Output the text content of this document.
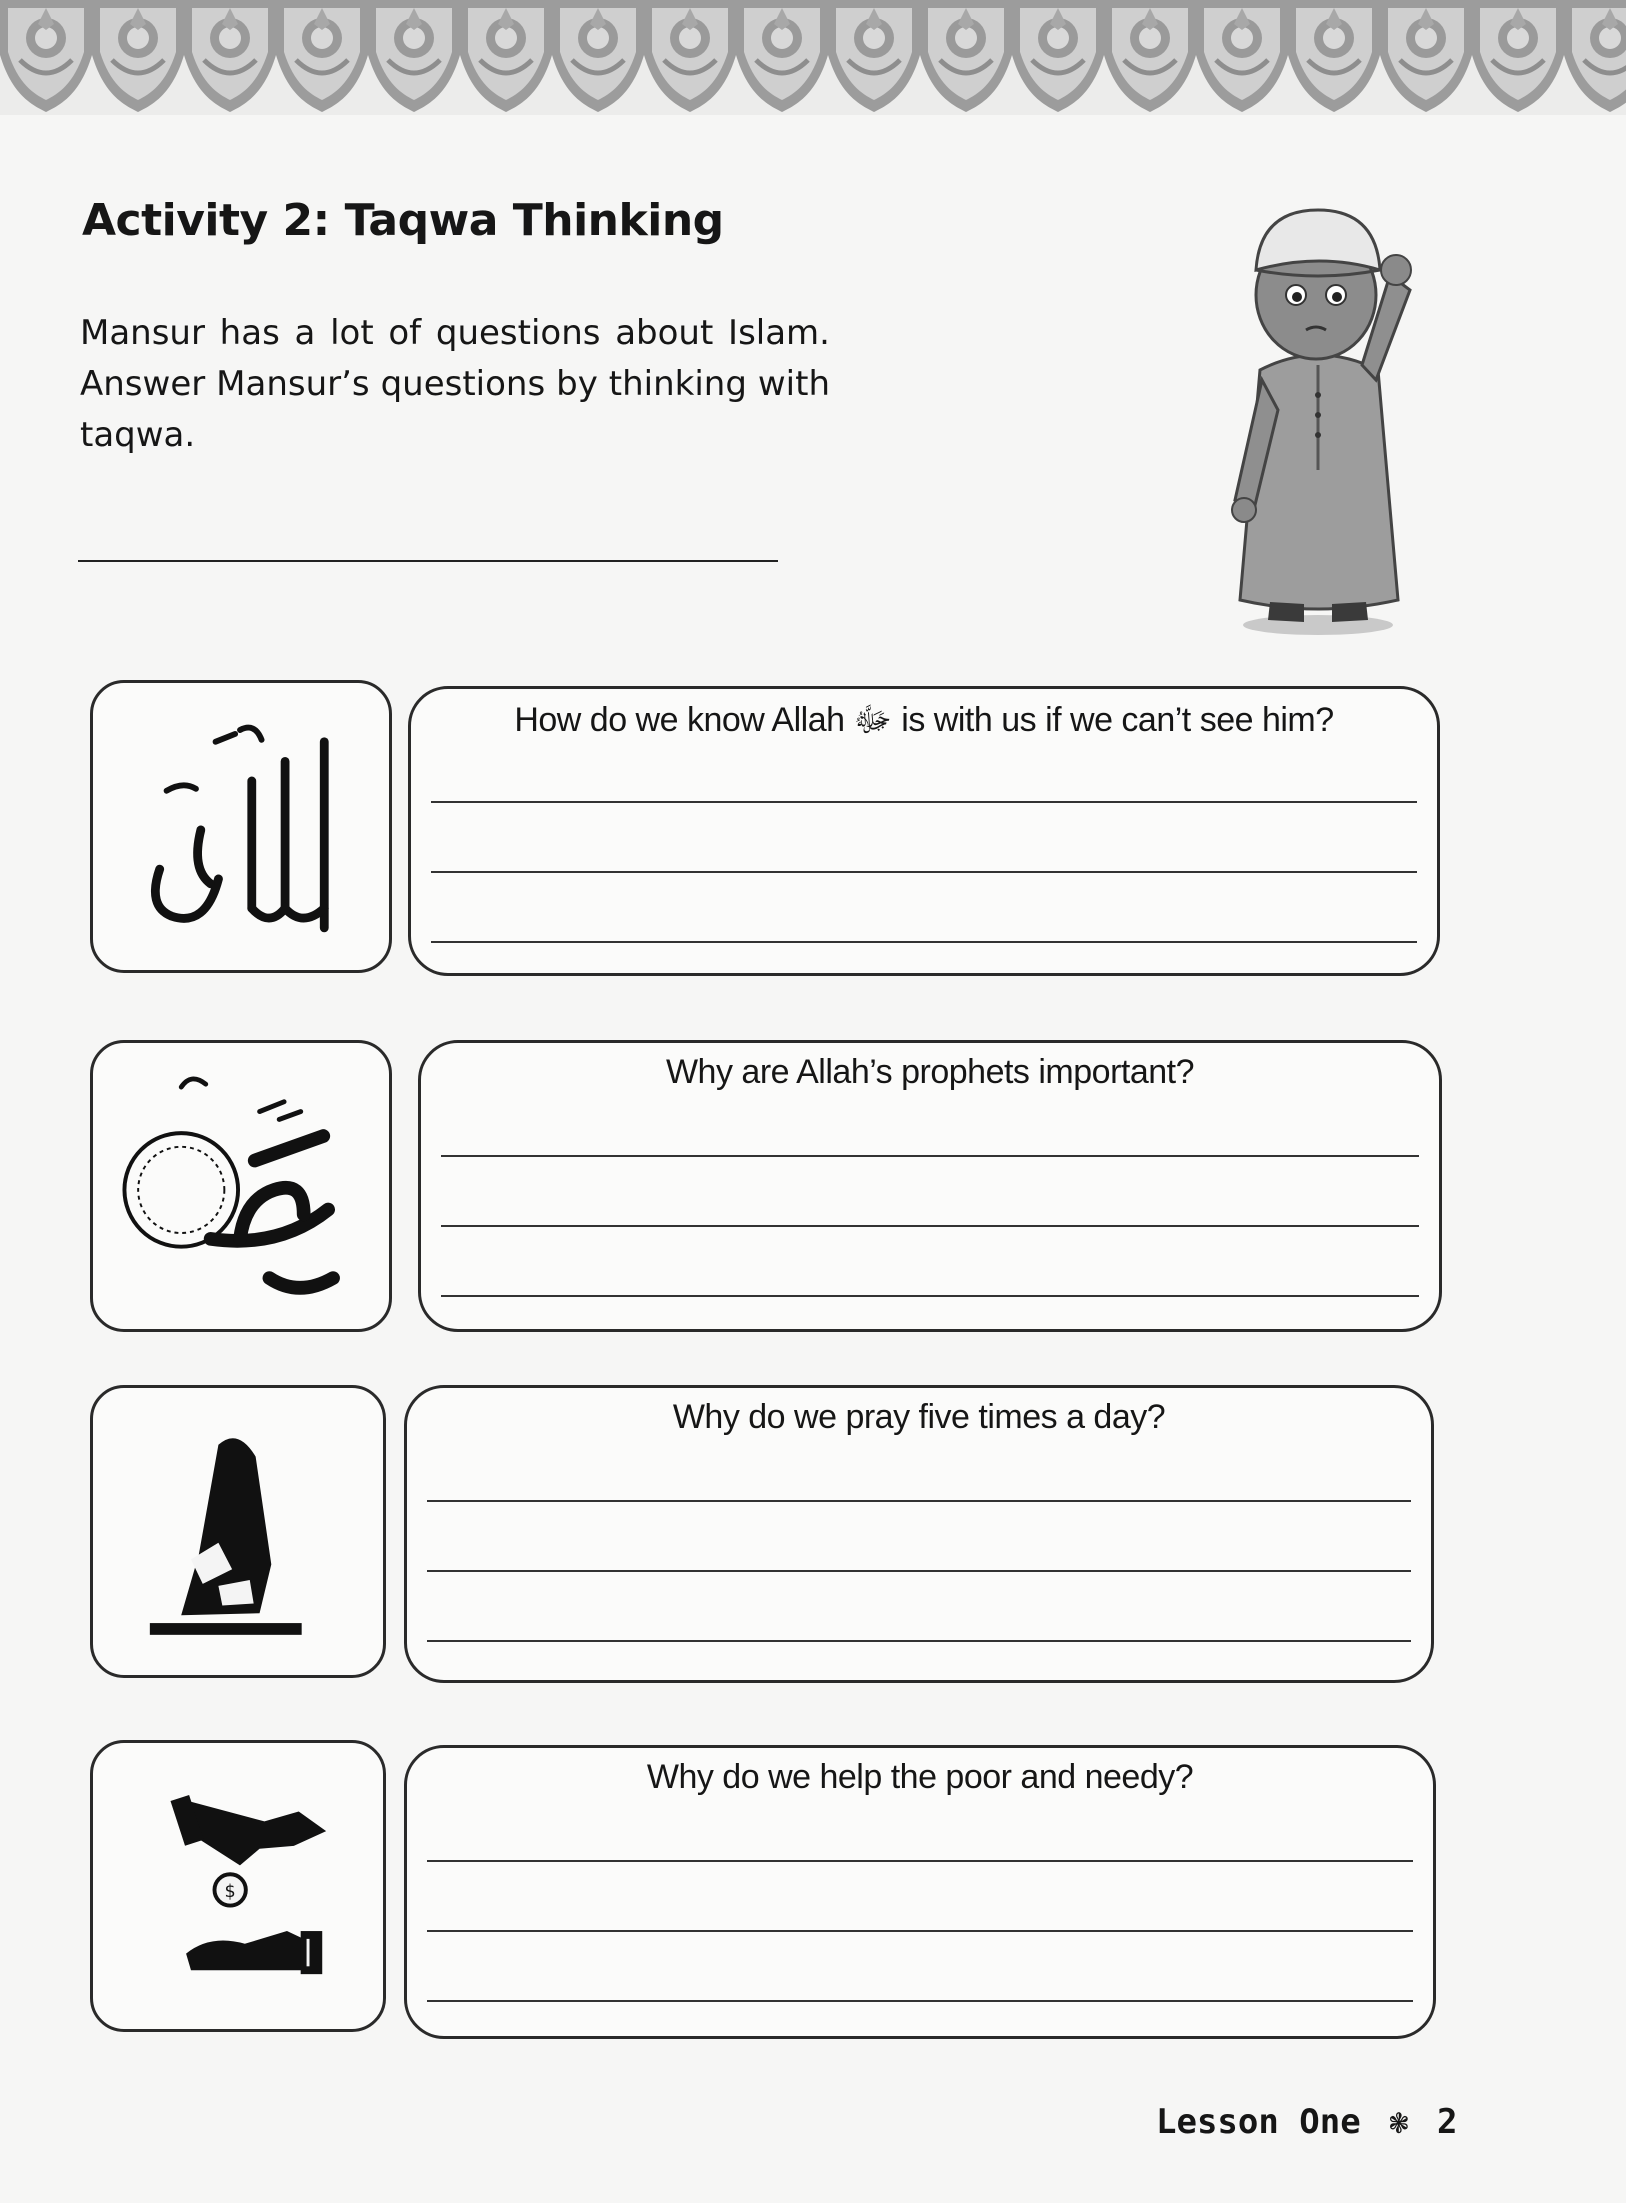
Activity 2: Taqwa Thinking

Mansur has a lot of questions about Islam. Answer Mansur’s questions by thinking with taqwa.

How do we know Allah ﷻ is with us if we can’t see him?
Why are Allah’s prophets important?
Why do we pray five times a day?
$
Why do we help the poor and needy?
Lesson One ❃ 2
